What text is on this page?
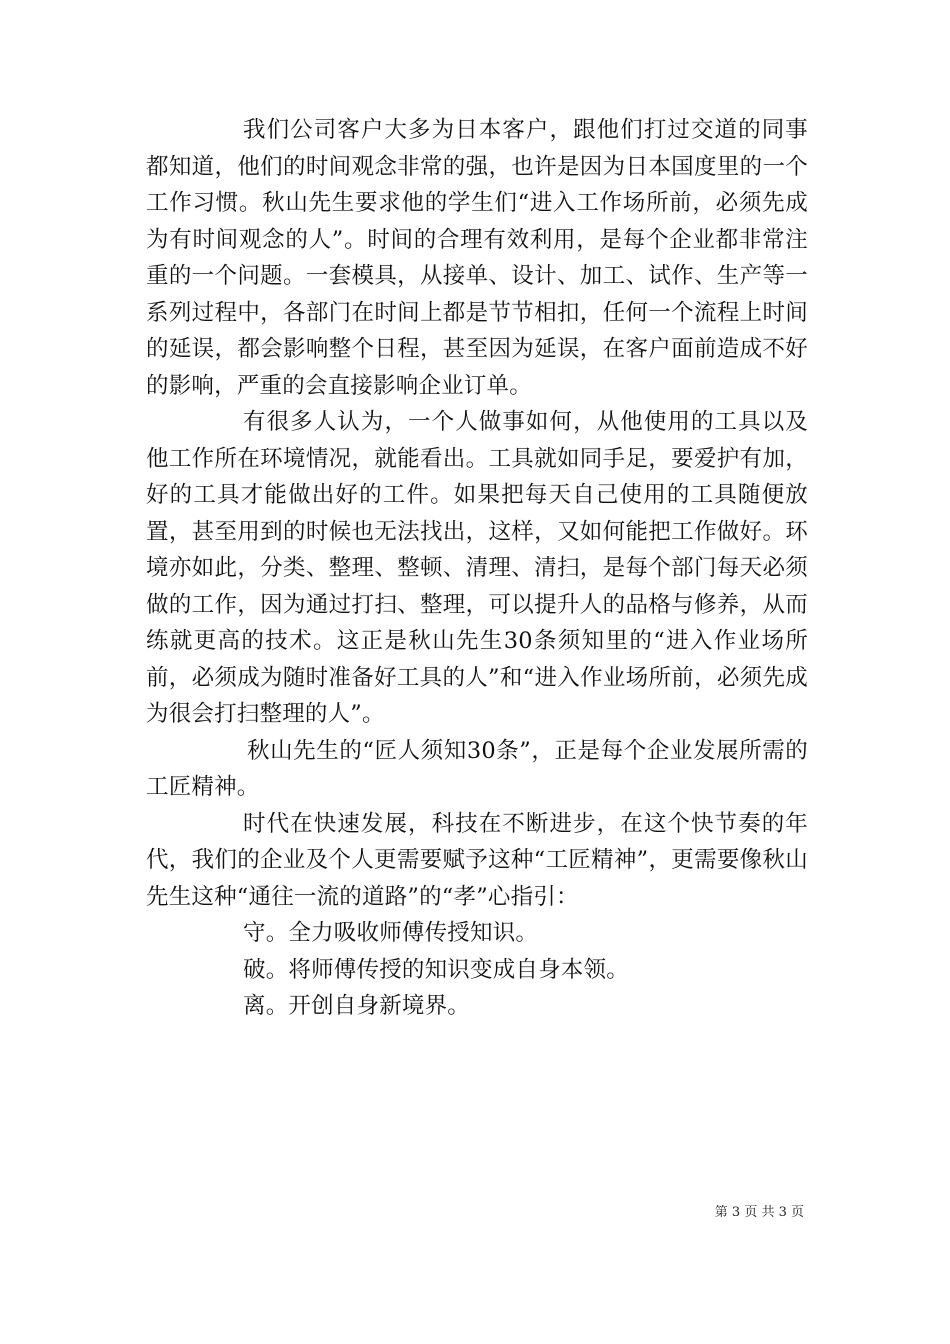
我们公司客户大多为日本客户，跟他们打过交道的同事都知道，他们的时间观念非常的强，也许是因为日本国度里的一个工作习惯。秋山先生要求他的学生们“进入工作场所前，必须先成为有时间观念的人”。时间的合理有效利用，是每个企业都非常注重的一个问题。一套模具，从接单、设计、加工、试作、生产等一系列过程中，各部门在时间上都是节节相扣，任何一个流程上时间的延误，都会影响整个日程，甚至因为延误，在客户面前造成不好的影响，严重的会直接影响企业订单。

有很多人认为，一个人做事如何，从他使用的工具以及他工作所在环境情况，就能看出。工具就如同手足，要爱护有加，好的工具才能做出好的工件。如果把每天自己使用的工具随便放置，甚至用到的时候也无法找出，这样，又如何能把工作做好。环境亦如此，分类、整理、整顿、清理、清扫，是每个部门每天必须做的工作，因为通过打扫、整理，可以提升人的品格与修养，从而练就更高的技术。这正是秋山先生30条须知里的“进入作业场所前，必须成为随时准备好工具的人”和“进入作业场所前，必须先成为很会打扫整理的人”。

秋山先生的“匠人须知30条”，正是每个企业发展所需的工匠精神。

时代在快速发展，科技在不断进步，在这个快节奏的年代，我们的企业及个人更需要赋予这种“工匠精神”，更需要像秋山先生这种“通往一流的道路”的“孝”心指引：

守。全力吸收师傅传授知识。

破。将师傅传授的知识变成自身本领。

离。开创自身新境界。

第 3 页 共 3 页
